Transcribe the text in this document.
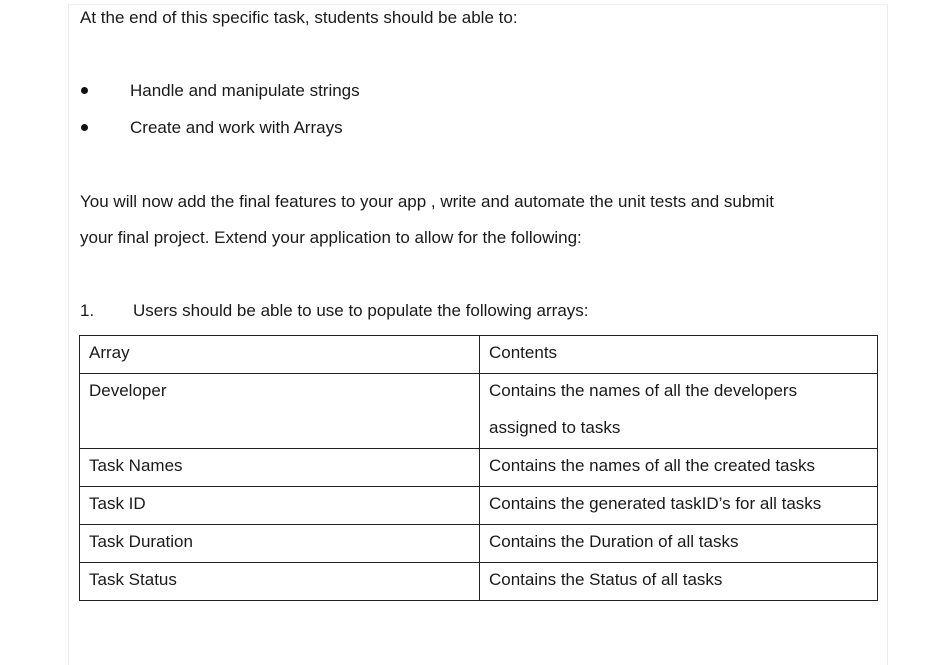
At the end of this specific task, students should be able to:
Handle and manipulate strings
Create and work with Arrays
You will now add the final features to your app , write and automate the unit tests and submit
your final project. Extend your application to allow for the following:
1. Users should be able to use to populate the following arrays:
Array	Contents

Developer	Contains the names of all the developers
assigned to tasks

Task Names	Contains the names of all the created tasks

Task ID	Contains the generated taskID’s for all tasks

Task Duration	Contains the Duration of all tasks

Task Status	Contains the Status of all tasks
